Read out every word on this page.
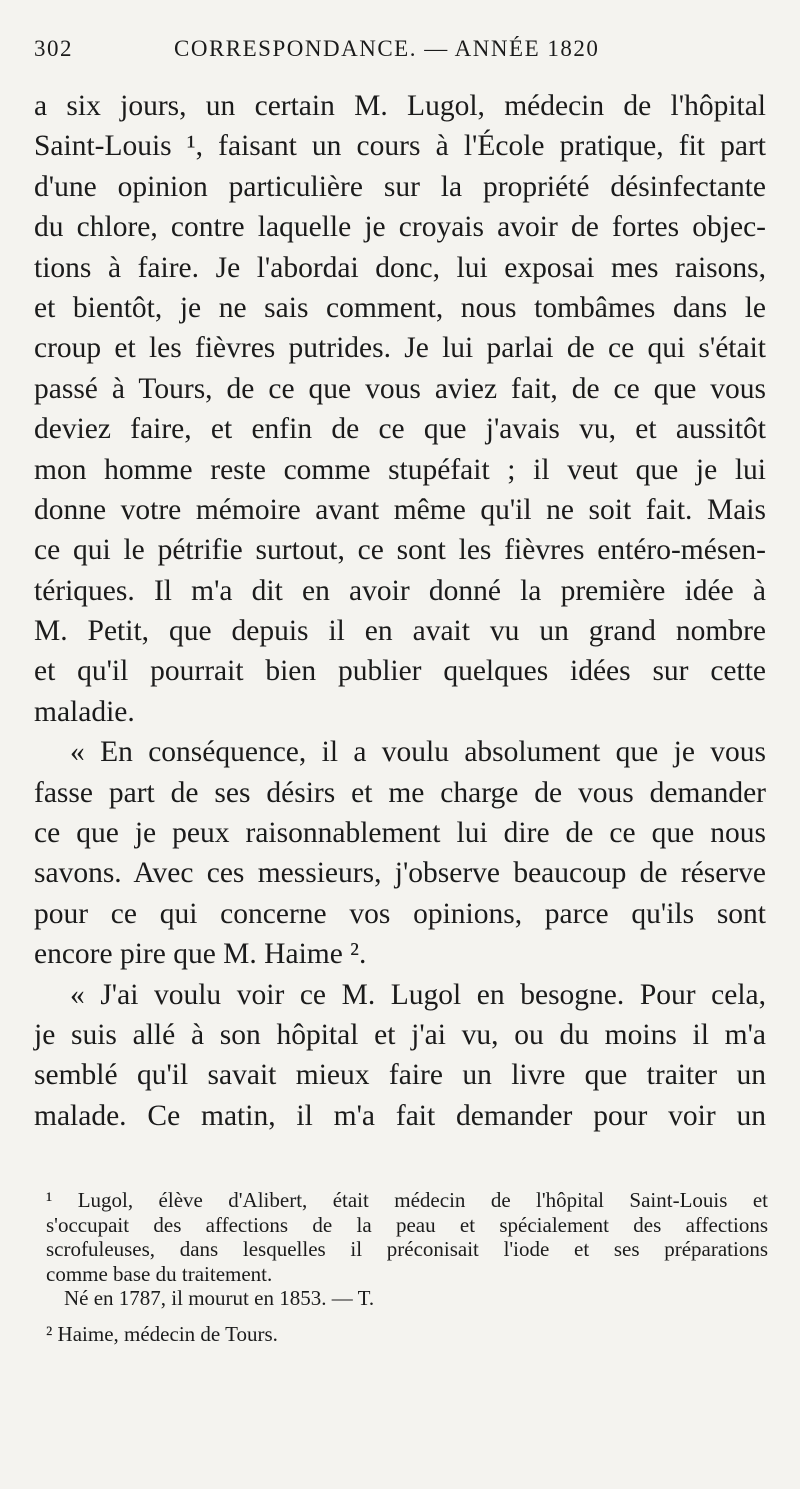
302	CORRESPONDANCE. — ANNÉE 1820
a six jours, un certain M. Lugol, médecin de l'hôpital
Saint-Louis ¹, faisant un cours à l'École pratique, fit part
d'une opinion particulière sur la propriété désinfectante
du chlore, contre laquelle je croyais avoir de fortes objec-
tions à faire. Je l'abordai donc, lui exposai mes raisons,
et bientôt, je ne sais comment, nous tombâmes dans le
croup et les fièvres putrides. Je lui parlai de ce qui s'était
passé à Tours, de ce que vous aviez fait, de ce que vous
deviez faire, et enfin de ce que j'avais vu, et aussitôt
mon homme reste comme stupéfait ; il veut que je lui
donne votre mémoire avant même qu'il ne soit fait. Mais
ce qui le pétrifie surtout, ce sont les fièvres entéro-mésen-
tériques. Il m'a dit en avoir donné la première idée à
M. Petit, que depuis il en avait vu un grand nombre
et qu'il pourrait bien publier quelques idées sur cette
maladie.
« En conséquence, il a voulu absolument que je vous
fasse part de ses désirs et me charge de vous demander
ce que je peux raisonnablement lui dire de ce que nous
savons. Avec ces messieurs, j'observe beaucoup de réserve
pour ce qui concerne vos opinions, parce qu'ils sont
encore pire que M. Haime ².
« J'ai voulu voir ce M. Lugol en besogne. Pour cela,
je suis allé à son hôpital et j'ai vu, ou du moins il m'a
semblé qu'il savait mieux faire un livre que traiter un
malade. Ce matin, il m'a fait demander pour voir un
¹ Lugol, élève d'Alibert, était médecin de l'hôpital Saint-Louis et
s'occupait des affections de la peau et spécialement des affections
scrofuleuses, dans lesquelles il préconisait l'iode et ses préparations
comme base du traitement.
Né en 1787, il mourut en 1853. — T.
² Haime, médecin de Tours.
